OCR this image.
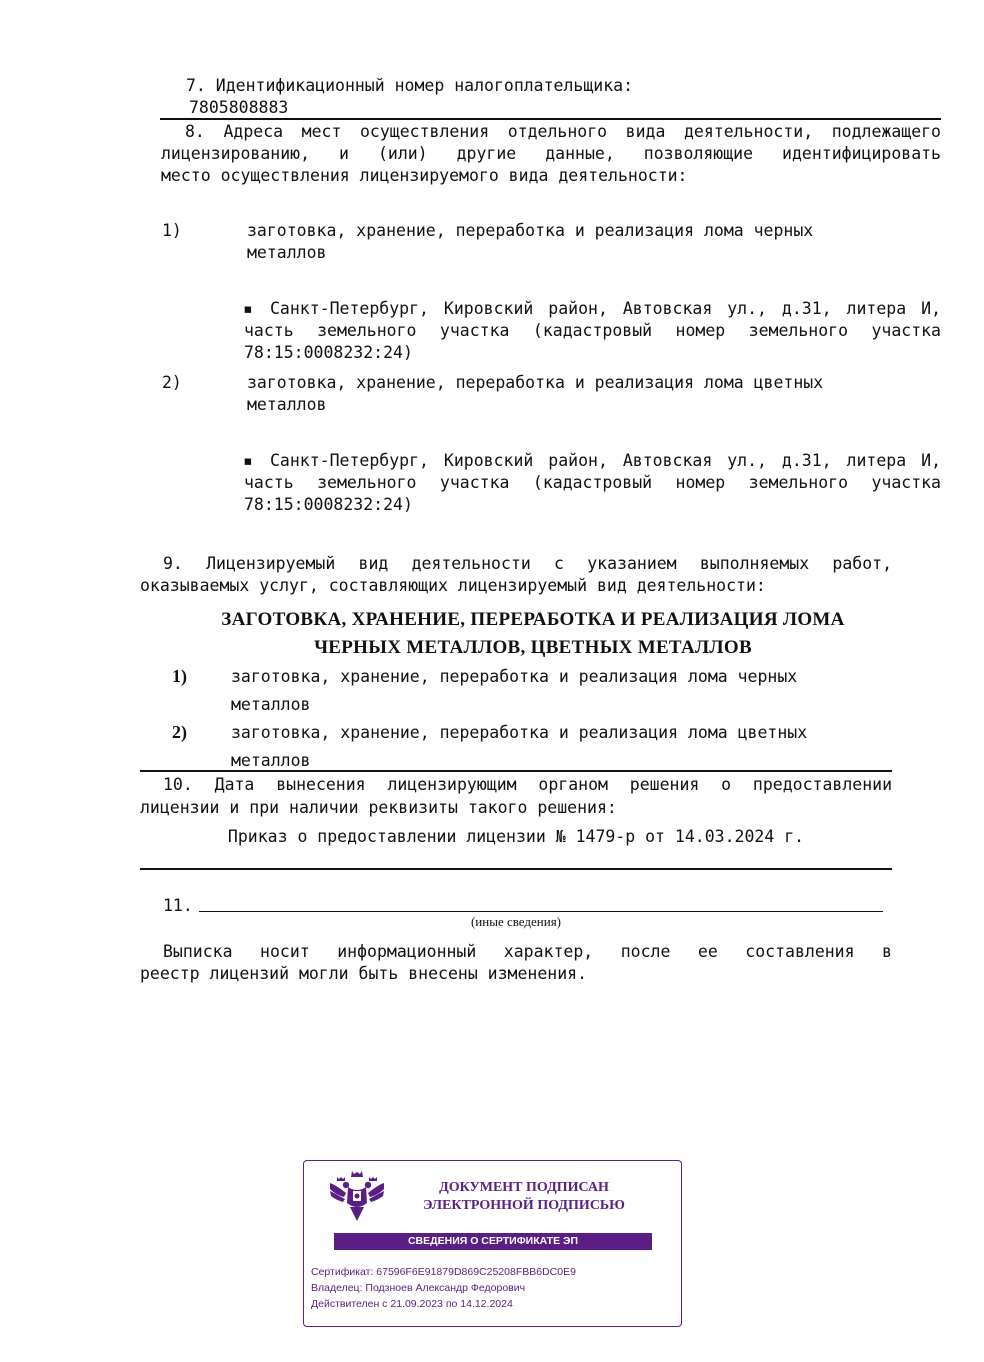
7. Идентификационный номер налогоплательщика:
7805808883
8. Адреса мест осуществления отдельного вида деятельности, подлежащего
лицензированию, и (или) другие данные, позволяющие идентифицировать
место осуществления лицензируемого вида деятельности:
1)	заготовка, хранение, переработка и реализация лома черных
металлов
▪ Санкт-Петербург, Кировский район, Автовская ул., д.31, литера И,
часть земельного участка (кадастровый номер земельного участка
78:15:0008232:24)
2)	заготовка, хранение, переработка и реализация лома цветных
металлов
▪ Санкт-Петербург, Кировский район, Автовская ул., д.31, литера И,
часть земельного участка (кадастровый номер земельного участка
78:15:0008232:24)
9. Лицензируемый вид деятельности с указанием выполняемых работ,
оказываемых услуг, составляющих лицензируемый вид деятельности:
ЗАГОТОВКА, ХРАНЕНИЕ, ПЕРЕРАБОТКА И РЕАЛИЗАЦИЯ ЛОМА
ЧЕРНЫХ МЕТАЛЛОВ, ЦВЕТНЫХ МЕТАЛЛОВ
1)	заготовка, хранение, переработка и реализация лома черных
металлов
2)	заготовка, хранение, переработка и реализация лома цветных
металлов
10. Дата вынесения лицензирующим органом решения о предоставлении
лицензии и при наличии реквизиты такого решения:
Приказ о предоставлении лицензии № 1479-р от 14.03.2024 г.
11.
(иные сведения)
Выписка носит информационный характер, после ее составления в
реестр лицензий могли быть внесены изменения.
ДОКУМЕНТ ПОДПИСАН
ЭЛЕКТРОННОЙ ПОДПИСЬЮ
СВЕДЕНИЯ О СЕРТИФИКАТЕ ЭП
Сертификат: 67596F6E91879D869C25208FBB6DC0E9
Владелец: Подзноев Александр Федорович
Действителен с 21.09.2023 по 14.12.2024
